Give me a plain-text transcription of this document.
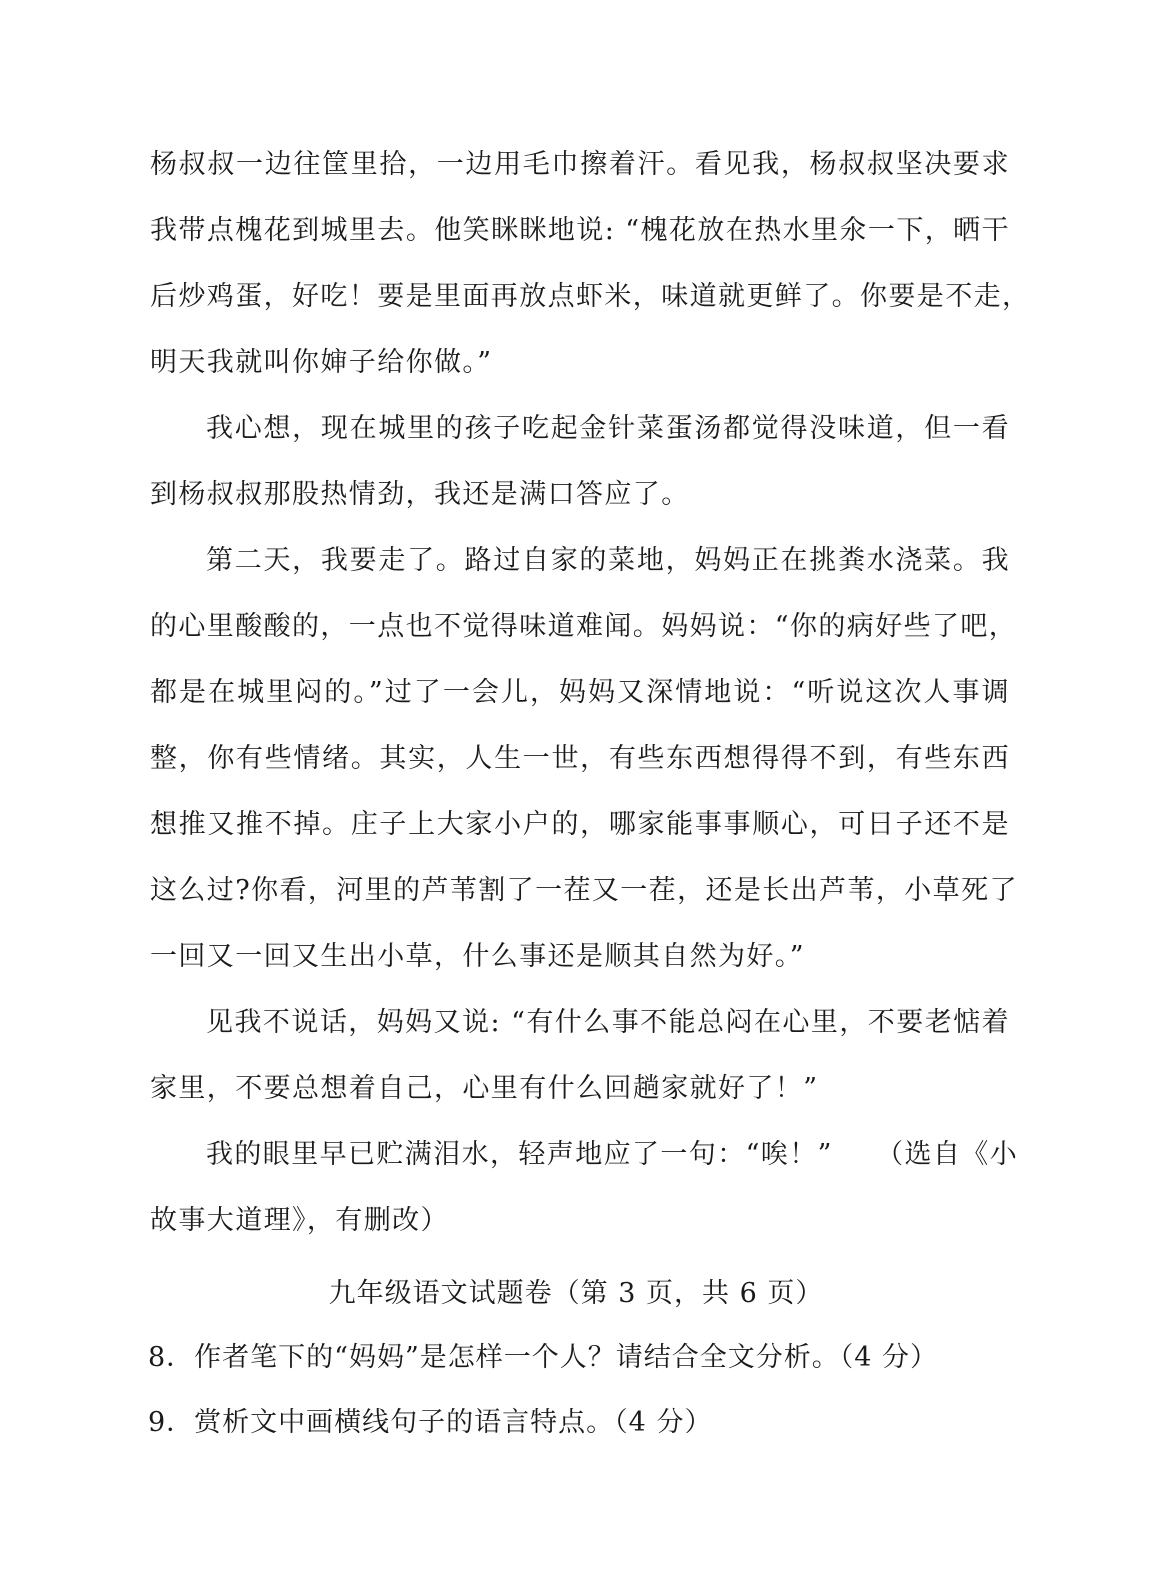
杨叔叔一边往筐里拾，一边用毛巾擦着汗。看见我，杨叔叔坚决要求
我带点槐花到城里去。他笑眯眯地说: “槐花放在热水里氽一下，晒干
后炒鸡蛋，好吃！要是里面再放点虾米，味道就更鲜了。你要是不走，
明天我就叫你婶子给你做。”
我心想，现在城里的孩子吃起金针菜蛋汤都觉得没味道，但一看
到杨叔叔那股热情劲，我还是满口答应了。
第二天，我要走了。路过自家的菜地，妈妈正在挑粪水浇菜。我
的心里酸酸的，一点也不觉得味道难闻。妈妈说：“你的病好些了吧，
都是在城里闷的。”过了一会儿，妈妈又深情地说：“听说这次人事调
整，你有些情绪。其实，人生一世，有些东西想得得不到，有些东西
想推又推不掉。庄子上大家小户的，哪家能事事顺心，可日子还不是
这么过?你看，河里的芦苇割了一茬又一茬，还是长出芦苇，小草死了
一回又一回又生出小草，什么事还是顺其自然为好。”
见我不说话，妈妈又说: “有什么事不能总闷在心里，不要老惦着
家里，不要总想着自己，心里有什么回趟家就好了！”
我的眼里早已贮满泪水，轻声地应了一句：“唉！”　　（选自《小
故事大道理》，有删改）
九年级语文试题卷（第 3 页，共 6 页）
8．作者笔下的“妈妈”是怎样一个人？请结合全文分析。（4 分）
9．赏析文中画横线句子的语言特点。（4 分）
